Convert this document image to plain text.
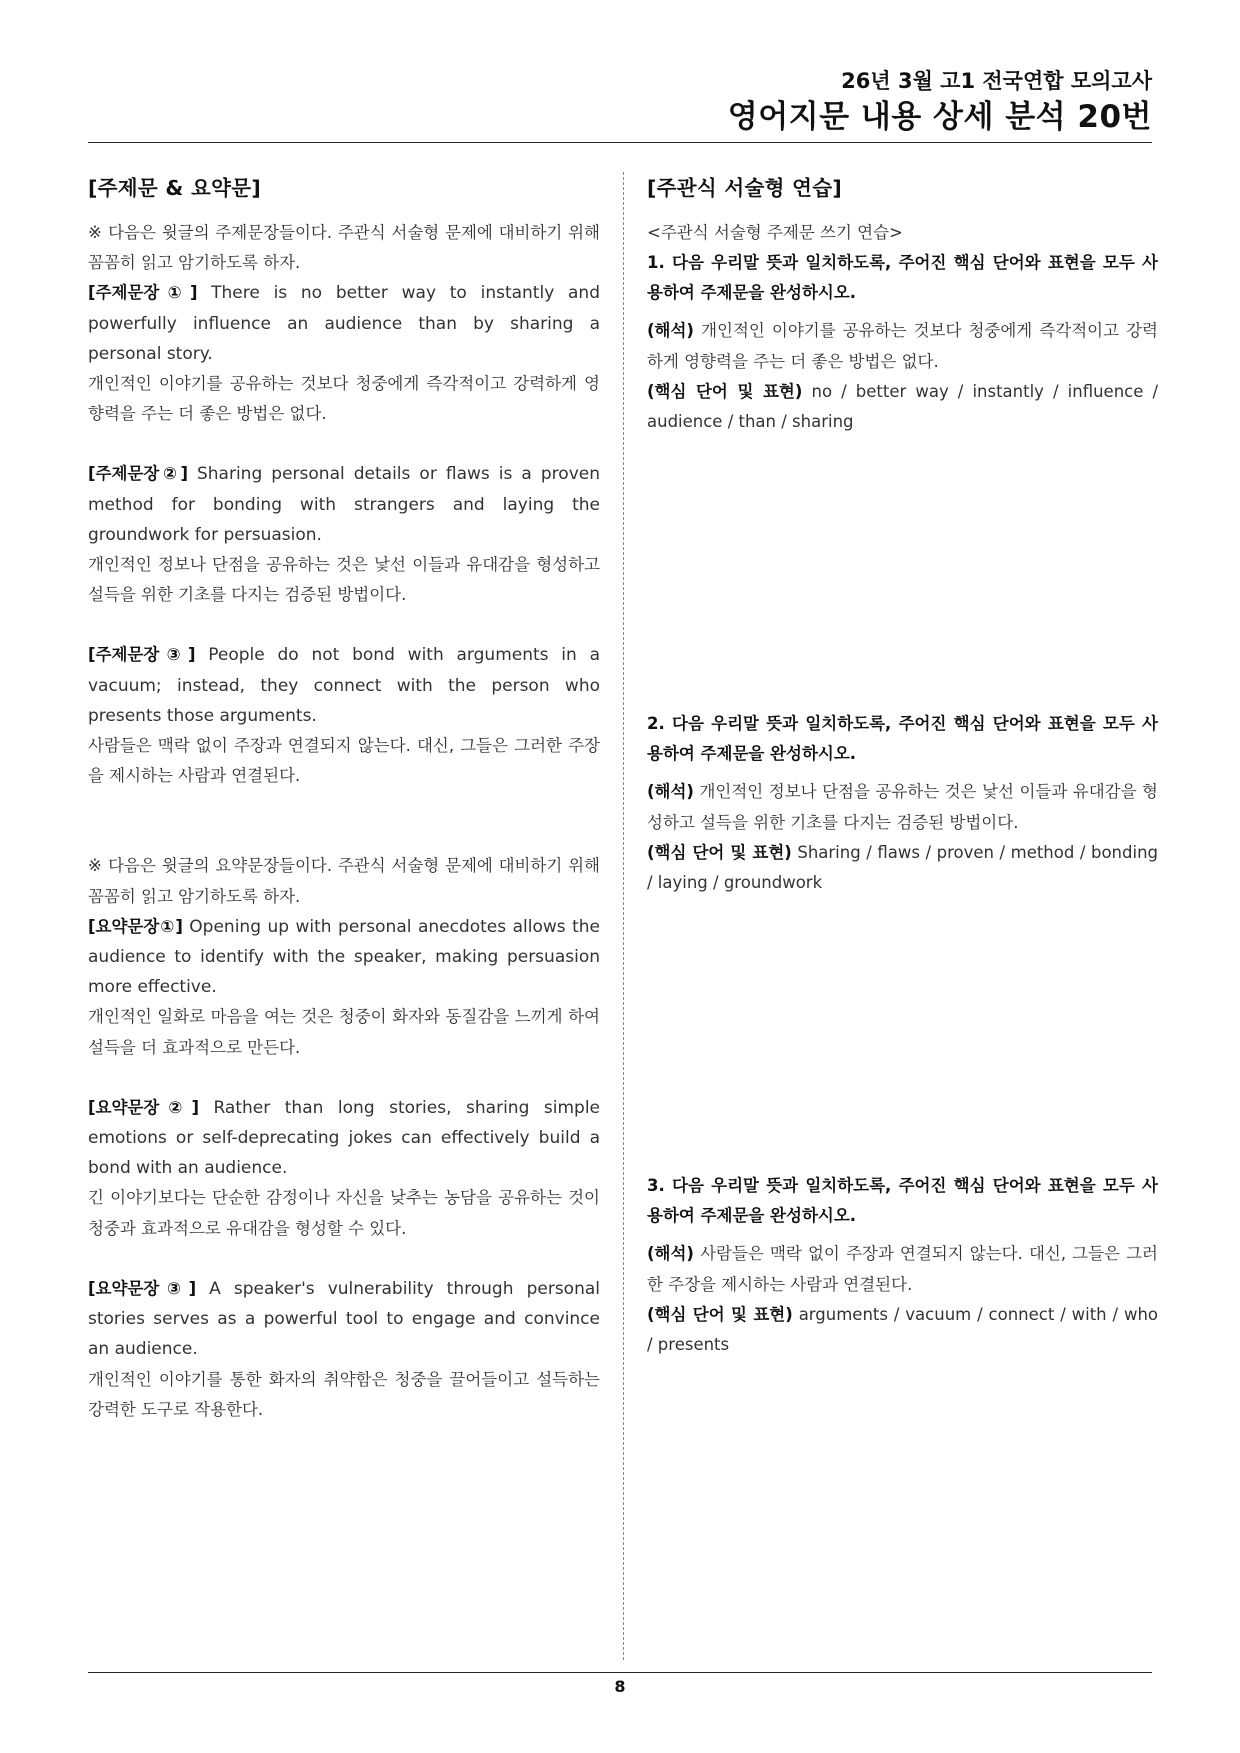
26년 3월 고1 전국연합 모의고사
영어지문 내용 상세 분석 20번
[주제문 & 요약문]
※ 다음은 윗글의 주제문장들이다. 주관식 서술형 문제에 대비하기 위해 꼼꼼히 읽고 암기하도록 하자.
[주제문장①] There is no better way to instantly and powerfully influence an audience than by sharing a personal story.
개인적인 이야기를 공유하는 것보다 청중에게 즉각적이고 강력하게 영향력을 주는 더 좋은 방법은 없다.
[주제문장②] Sharing personal details or flaws is a proven method for bonding with strangers and laying the groundwork for persuasion.
개인적인 정보나 단점을 공유하는 것은 낯선 이들과 유대감을 형성하고 설득을 위한 기초를 다지는 검증된 방법이다.
[주제문장③] People do not bond with arguments in a vacuum; instead, they connect with the person who presents those arguments.
사람들은 맥락 없이 주장과 연결되지 않는다. 대신, 그들은 그러한 주장을 제시하는 사람과 연결된다.
※ 다음은 윗글의 요약문장들이다. 주관식 서술형 문제에 대비하기 위해 꼼꼼히 읽고 암기하도록 하자.
[요약문장①] Opening up with personal anecdotes allows the audience to identify with the speaker, making persuasion more effective.
개인적인 일화로 마음을 여는 것은 청중이 화자와 동질감을 느끼게 하여 설득을 더 효과적으로 만든다.
[요약문장②] Rather than long stories, sharing simple emotions or self-deprecating jokes can effectively build a bond with an audience.
긴 이야기보다는 단순한 감정이나 자신을 낮추는 농담을 공유하는 것이 청중과 효과적으로 유대감을 형성할 수 있다.
[요약문장③] A speaker's vulnerability through personal stories serves as a powerful tool to engage and convince an audience.
개인적인 이야기를 통한 화자의 취약함은 청중을 끌어들이고 설득하는 강력한 도구로 작용한다.
[주관식 서술형 연습]
<주관식 서술형 주제문 쓰기 연습>
1. 다음 우리말 뜻과 일치하도록, 주어진 핵심 단어와 표현을 모두 사용하여 주제문을 완성하시오.
(해석) 개인적인 이야기를 공유하는 것보다 청중에게 즉각적이고 강력하게 영향력을 주는 더 좋은 방법은 없다.
(핵심 단어 및 표현) no / better way / instantly / influence / audience / than / sharing
2. 다음 우리말 뜻과 일치하도록, 주어진 핵심 단어와 표현을 모두 사용하여 주제문을 완성하시오.
(해석) 개인적인 정보나 단점을 공유하는 것은 낯선 이들과 유대감을 형성하고 설득을 위한 기초를 다지는 검증된 방법이다.
(핵심 단어 및 표현) Sharing / flaws / proven / method / bonding / laying / groundwork
3. 다음 우리말 뜻과 일치하도록, 주어진 핵심 단어와 표현을 모두 사용하여 주제문을 완성하시오.
(해석) 사람들은 맥락 없이 주장과 연결되지 않는다. 대신, 그들은 그러한 주장을 제시하는 사람과 연결된다.
(핵심 단어 및 표현) arguments / vacuum / connect / with / who / presents
8
